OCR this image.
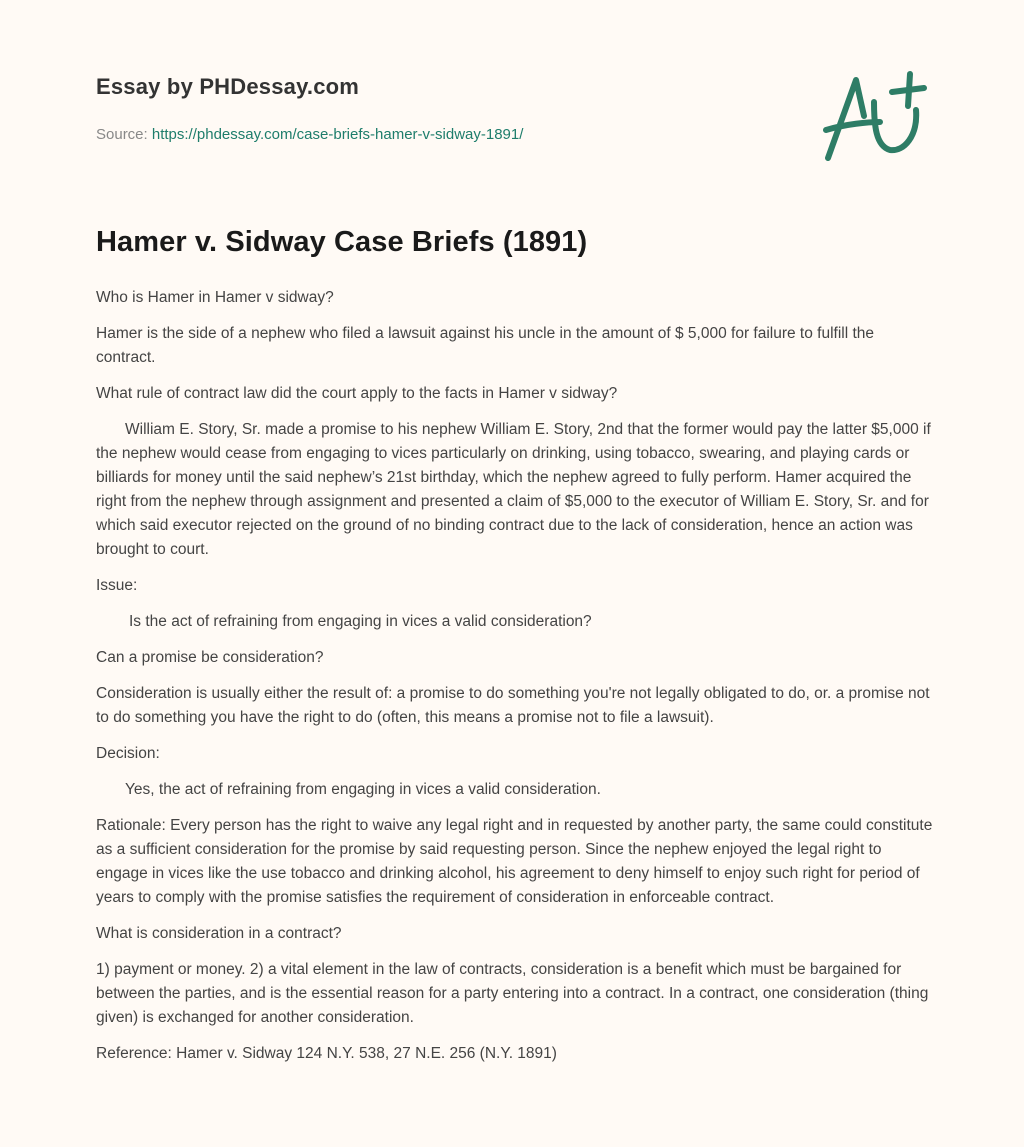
Essay by PHDessay.com
Source: https://phdessay.com/case-briefs-hamer-v-sidway-1891/
Hamer v. Sidway Case Briefs (1891)

Who is Hamer in Hamer v sidway?

Hamer is the side of a nephew who filed a lawsuit against his uncle in the amount of $ 5,000 for failure to fulfill the contract.

What rule of contract law did the court apply to the facts in Hamer v sidway?

William E. Story, Sr. made a promise to his nephew William E. Story, 2nd that the former would pay the latter $5,000 if the nephew would cease from engaging to vices particularly on drinking, using tobacco, swearing, and playing cards or billiards for money until the said nephew’s 21st birthday, which the nephew agreed to fully perform. Hamer acquired the right from the nephew through assignment and presented a claim of $5,000 to the executor of William E. Story, Sr. and for which said executor rejected on the ground of no binding contract due to the lack of consideration, hence an action was brought to court.

Issue:

Is the act of refraining from engaging in vices a valid consideration?

Can a promise be consideration?

Consideration is usually either the result of: a promise to do something you're not legally obligated to do, or. a promise not to do something you have the right to do (often, this means a promise not to file a lawsuit).

Decision:

Yes, the act of refraining from engaging in vices a valid consideration.

Rationale: Every person has the right to waive any legal right and in requested by another party, the same could constitute as a sufficient consideration for the promise by said requesting person. Since the nephew enjoyed the legal right to engage in vices like the use tobacco and drinking alcohol, his agreement to deny himself to enjoy such right for period of years to comply with the promise satisfies the requirement of consideration in enforceable contract.

What is consideration in a contract?

1) payment or money. 2) a vital element in the law of contracts, consideration is a benefit which must be bargained for between the parties, and is the essential reason for a party entering into a contract. In a contract, one consideration (thing given) is exchanged for another consideration.

Reference: Hamer v. Sidway 124 N.Y. 538, 27 N.E. 256 (N.Y. 1891)
